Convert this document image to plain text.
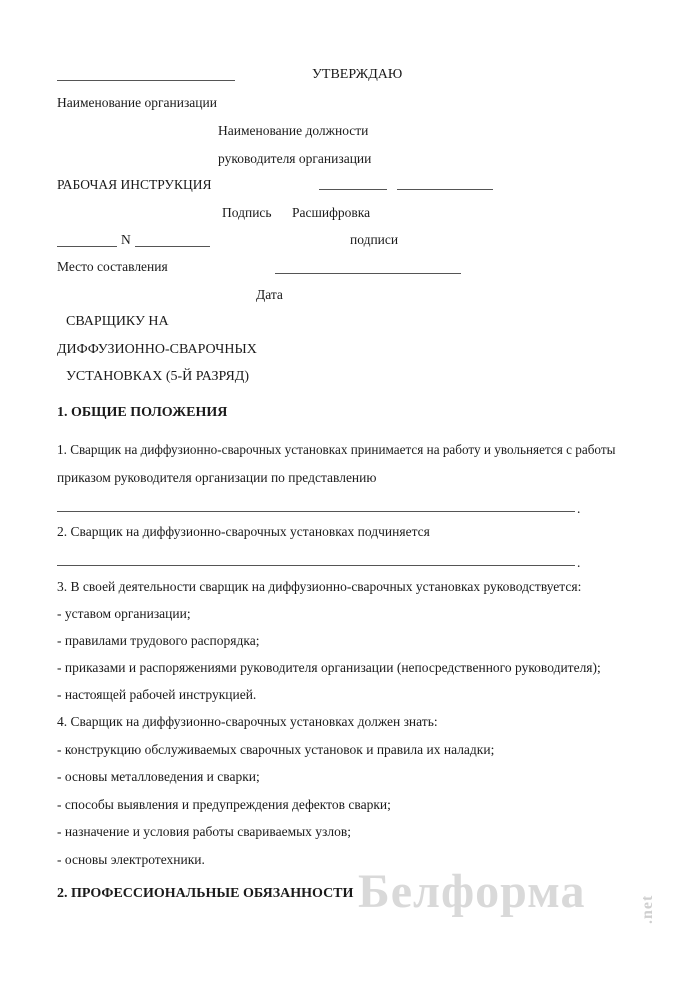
УТВЕРЖДАЮ
Наименование организации
Наименование должности
руководителя организации
РАБОЧАЯ ИНСТРУКЦИЯ
Подпись Расшифровка
N	подписи
Место составления
Дата
СВАРЩИКУ НА
ДИФФУЗИОННО-СВАРОЧНЫХ
УСТАНОВКАХ (5-Й РАЗРЯД)
1. ОБЩИЕ ПОЛОЖЕНИЯ
1. Сварщик на диффузионно-сварочных установках принимается на работу и увольняется с работы
приказом руководителя организации по представлению
.
2. Сварщик на диффузионно-сварочных установках подчиняется
.
3. В своей деятельности сварщик на диффузионно-сварочных установках руководствуется:
- уставом организации;
- правилами трудового распорядка;
- приказами и распоряжениями руководителя организации (непосредственного руководителя);
- настоящей рабочей инструкцией.
4. Сварщик на диффузионно-сварочных установках должен знать:
- конструкцию обслуживаемых сварочных установок и правила их наладки;
- основы металловедения и сварки;
- способы выявления и предупреждения дефектов сварки;
- назначение и условия работы свариваемых узлов;
- основы электротехники.
2. ПРОФЕССИОНАЛЬНЫЕ ОБЯЗАННОСТИ Белформа	.net
